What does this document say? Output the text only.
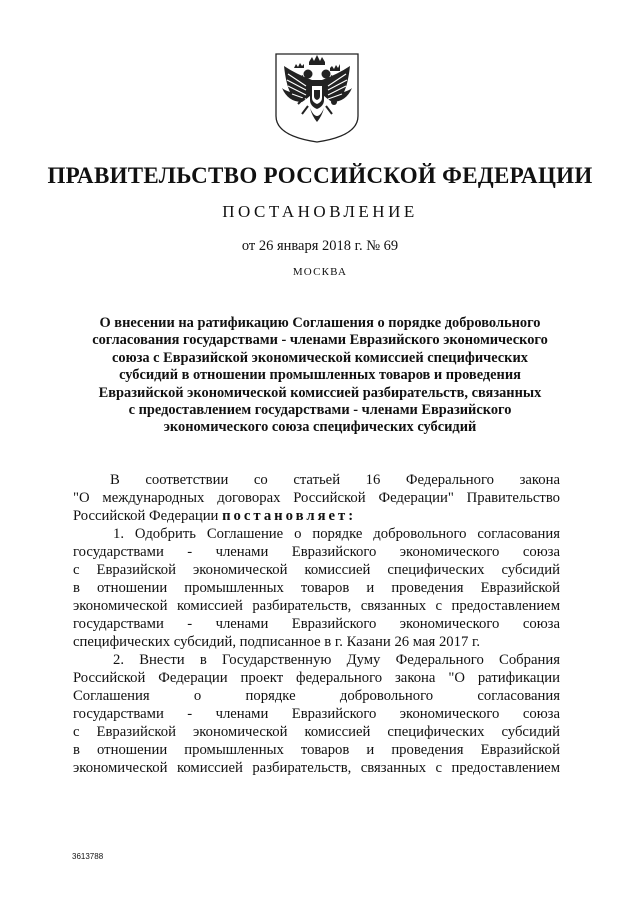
ПРАВИТЕЛЬСТВО РОССИЙСКОЙ ФЕДЕРАЦИИ
ПОСТАНОВЛЕНИЕ
от 26 января 2018 г. № 69
МОСКВА
О внесении на ратификацию Соглашения о порядке добровольного
согласования государствами - членами Евразийского экономического
союза с Евразийской экономической комиссией специфических
субсидий в отношении промышленных товаров и проведения
Евразийской экономической комиссией разбирательств, связанных
с предоставлением государствами - членами Евразийского
экономического союза специфических субсидий
В соответствии со статьей 16 Федерального закона
"О международных договорах Российской Федерации" Правительство
Российской Федерации постановляет:
1. Одобрить Соглашение о порядке добровольного согласования
государствами - членами Евразийского экономического союза
с Евразийской экономической комиссией специфических субсидий
в отношении промышленных товаров и проведения Евразийской
экономической комиссией разбирательств, связанных с предоставлением
государствами - членами Евразийского экономического союза
специфических субсидий, подписанное в г. Казани 26 мая 2017 г.
2. Внести в Государственную Думу Федерального Собрания
Российской Федерации проект федерального закона "О ратификации
Соглашения о порядке добровольного согласования
государствами - членами Евразийского экономического союза
с Евразийской экономической комиссией специфических субсидий
в отношении промышленных товаров и проведения Евразийской
экономической комиссией разбирательств, связанных с предоставлением
3613788
